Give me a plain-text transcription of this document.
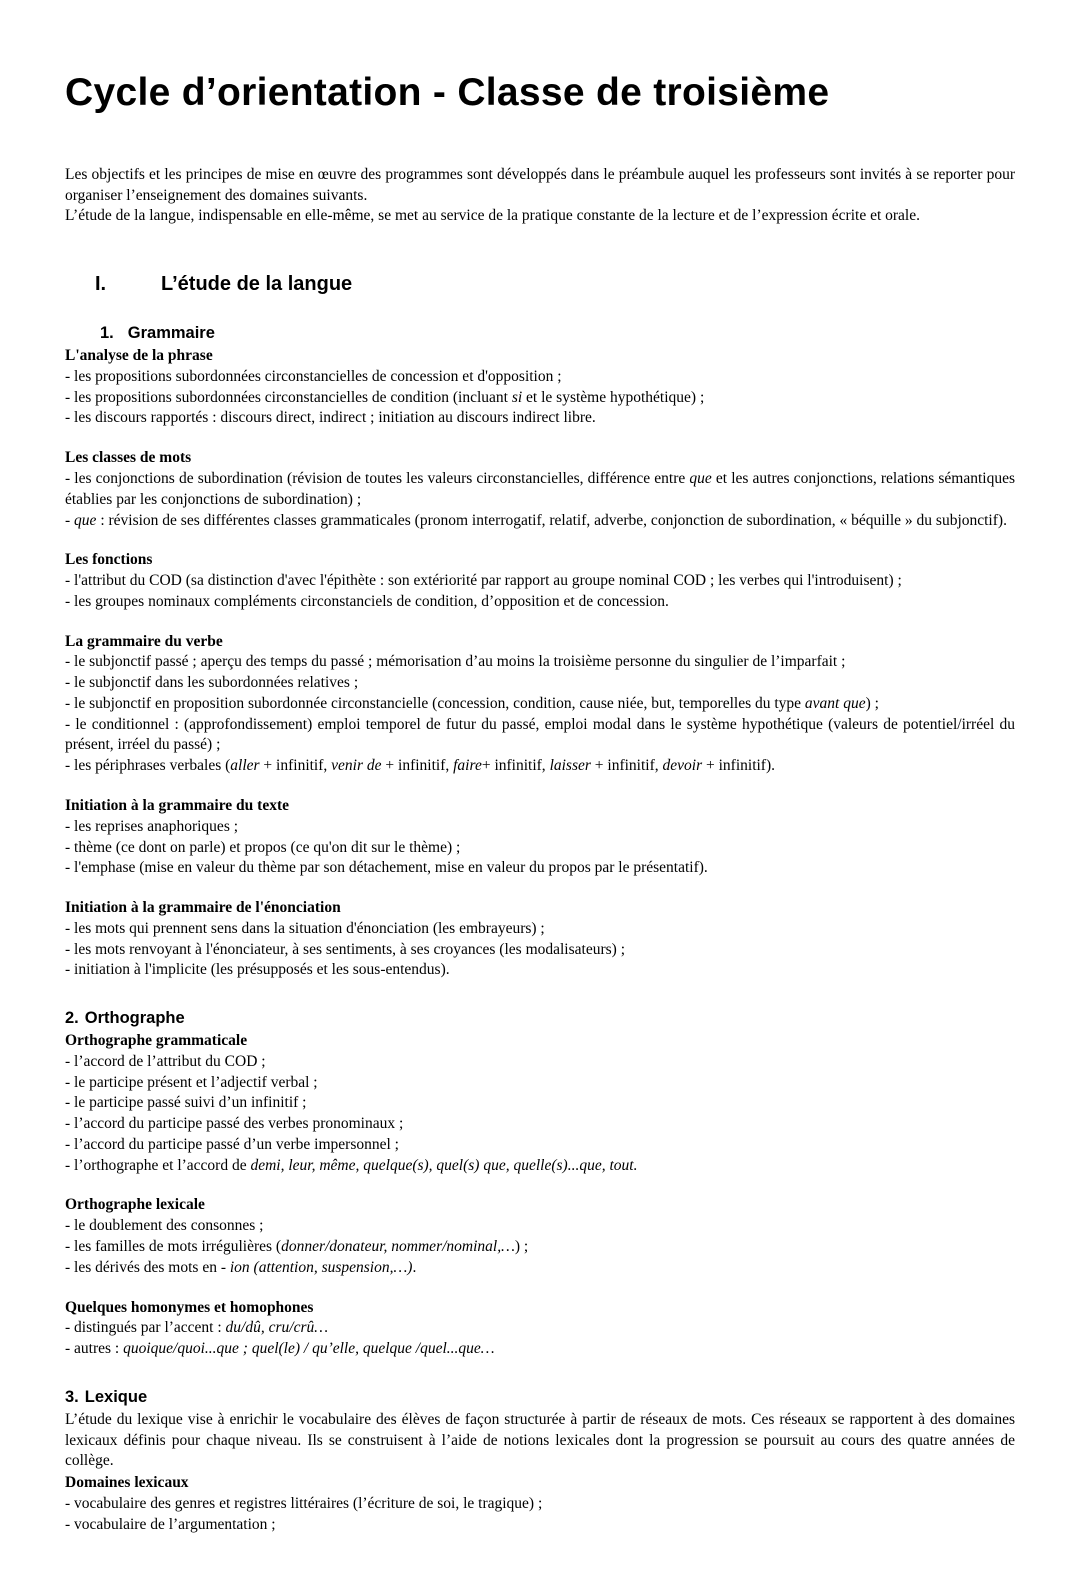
Cycle d’orientation - Classe de troisième

Les objectifs et les principes de mise en œuvre des programmes sont développés dans le préambule auquel les professeurs sont invités à se reporter pour organiser l’enseignement des domaines suivants.

L’étude de la langue, indispensable en elle-même, se met au service de la pratique constante de la lecture et de l’expression écrite et orale.

I.	L’étude de la langue
1. Grammaire

L'analyse de la phrase

- les propositions subordonnées circonstancielles de concession et d'opposition ;

- les propositions subordonnées circonstancielles de condition (incluant si et le système hypothétique) ;

- les discours rapportés : discours direct, indirect ; initiation au discours indirect libre.

Les classes de mots

- les conjonctions de subordination (révision de toutes les valeurs circonstancielles, différence entre que et les autres conjonctions, relations sémantiques établies par les conjonctions de subordination) ;

- que : révision de ses différentes classes grammaticales (pronom interrogatif, relatif, adverbe, conjonction de subordination, « béquille » du subjonctif).

Les fonctions

- l'attribut du COD (sa distinction d'avec l'épithète : son extériorité par rapport au groupe nominal COD ; les verbes qui l'introduisent) ;

- les groupes nominaux compléments circonstanciels de condition, d’opposition et de concession.

La grammaire du verbe

- le subjonctif passé ; aperçu des temps du passé ; mémorisation d’au moins la troisième personne du singulier de l’imparfait ;

- le subjonctif dans les subordonnées relatives ;

- le subjonctif en proposition subordonnée circonstancielle (concession, condition, cause niée, but, temporelles du type avant que) ;

- le conditionnel : (approfondissement) emploi temporel de futur du passé, emploi modal dans le système hypothétique (valeurs de potentiel/irréel du présent, irréel du passé) ;

- les périphrases verbales (aller + infinitif, venir de + infinitif, faire+ infinitif, laisser + infinitif, devoir + infinitif).

Initiation à la grammaire du texte

- les reprises anaphoriques ;

- thème (ce dont on parle) et propos (ce qu'on dit sur le thème) ;

- l'emphase (mise en valeur du thème par son détachement, mise en valeur du propos par le présentatif).

Initiation à la grammaire de l'énonciation

- les mots qui prennent sens dans la situation d'énonciation (les embrayeurs) ;

- les mots renvoyant à l'énonciateur, à ses sentiments, à ses croyances (les modalisateurs) ;

- initiation à l'implicite (les présupposés et les sous-entendus).

2. Orthographe

Orthographe grammaticale

- l’accord de l’attribut du COD ;

- le participe présent et l’adjectif verbal ;

- le participe passé suivi d’un infinitif ;

- l’accord du participe passé des verbes pronominaux ;

- l’accord du participe passé d’un verbe impersonnel ;

- l’orthographe et l’accord de demi, leur, même, quelque(s), quel(s) que, quelle(s)...que, tout.

Orthographe lexicale

- le doublement des consonnes ;

- les familles de mots irrégulières (donner/donateur, nommer/nominal,…) ;

- les dérivés des mots en - ion (attention, suspension,…).

Quelques homonymes et homophones

- distingués par l’accent : du/dû, cru/crû…

- autres : quoique/quoi...que ; quel(le) / qu’elle, quelque /quel...que…

3. Lexique

L’étude du lexique vise à enrichir le vocabulaire des élèves de façon structurée à partir de réseaux de mots. Ces réseaux se rapportent à des domaines lexicaux définis pour chaque niveau. Ils se construisent à l’aide de notions lexicales dont la progression se poursuit au cours des quatre années de collège.

Domaines lexicaux

- vocabulaire des genres et registres littéraires (l’écriture de soi, le tragique) ;

- vocabulaire de l’argumentation ;
